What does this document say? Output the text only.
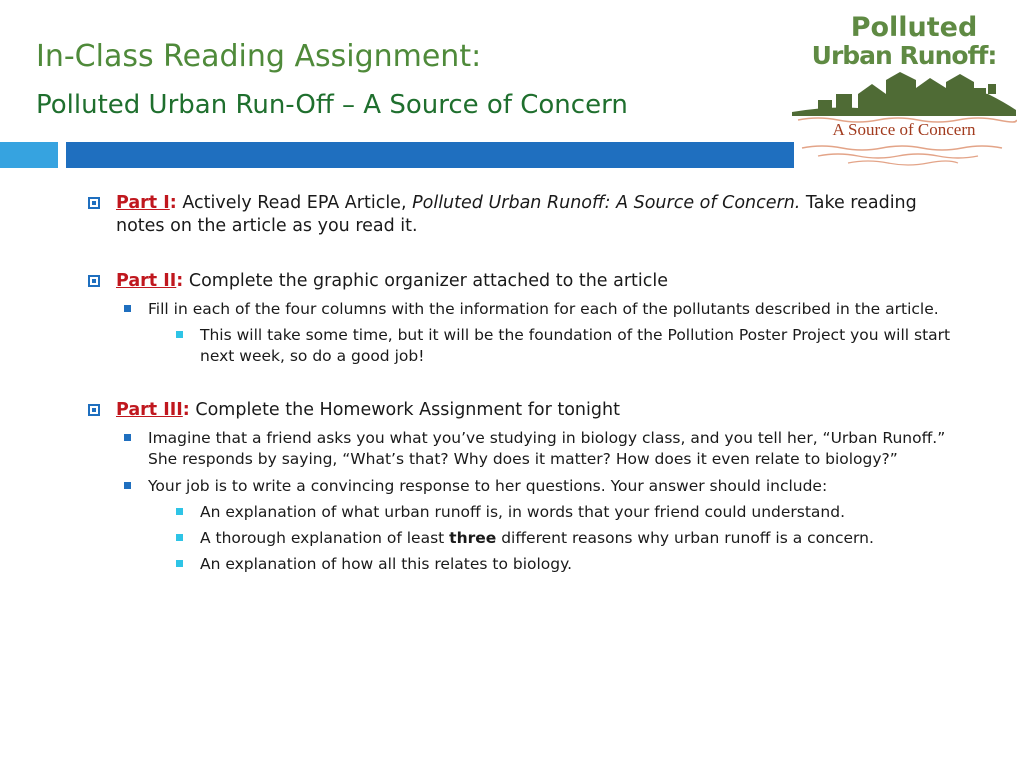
In-Class Reading Assignment:
Polluted Urban Run-Off – A Source of Concern
Polluted
Urban Runoff:
A Source of Concern
Part I: Actively Read EPA Article, Polluted Urban Runoff: A Source of Concern. Take reading notes on the article as you read it.
Part II: Complete the graphic organizer attached to the article
Fill in each of the four columns with the information for each of the pollutants described in the article.
This will take some time, but it will be the foundation of the Pollution Poster Project you will start next week, so do a good job!
Part III: Complete the Homework Assignment for tonight
Imagine that a friend asks you what you’ve studying in biology class, and you tell her, “Urban Runoff.” She responds by saying, “What’s that? Why does it matter? How does it even relate to biology?”
Your job is to write a convincing response to her questions. Your answer should include:
An explanation of what urban runoff is, in words that your friend could understand.
A thorough explanation of least three different reasons why urban runoff is a concern.
An explanation of how all this relates to biology.
